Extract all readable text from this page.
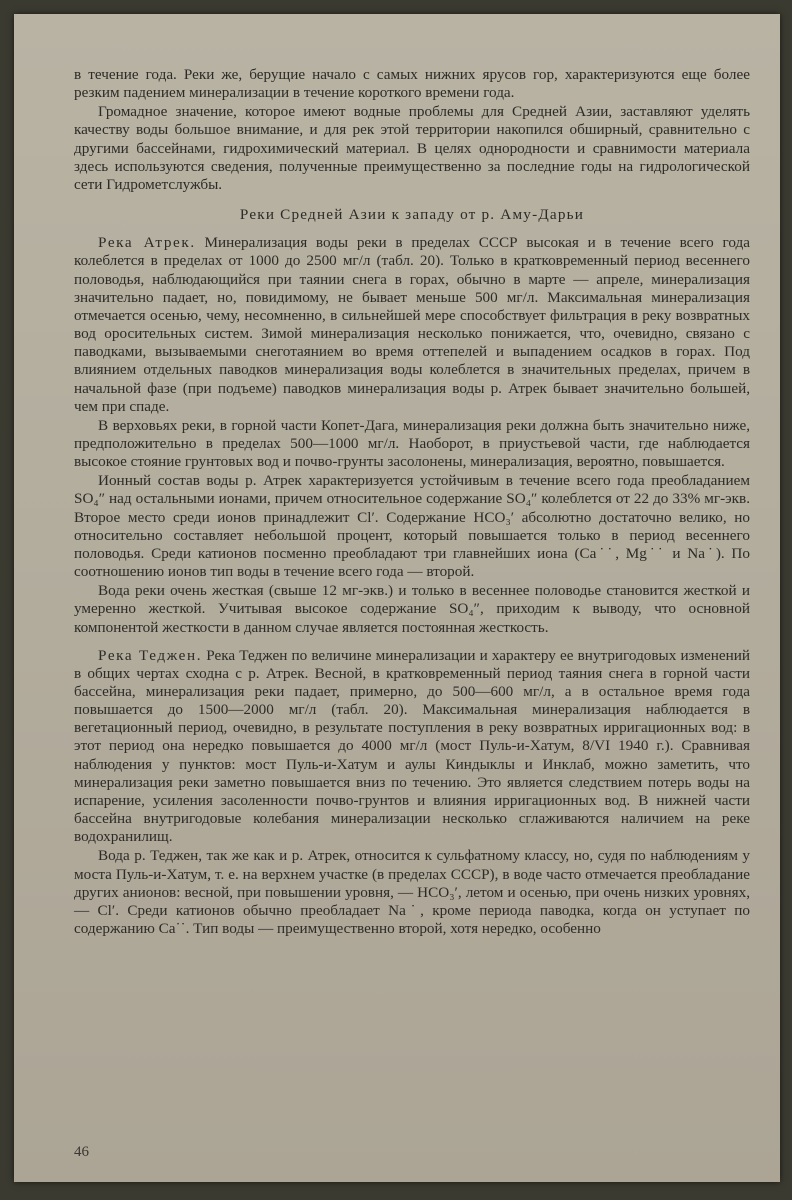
в течение года. Реки же, берущие начало с самых нижних ярусов гор, характеризуются еще более резким падением минерализации в течение короткого времени года.

Громадное значение, которое имеют водные проблемы для Средней Азии, заставляют уделять качеству воды большое внимание, и для рек этой территории накопился обширный, сравнительно с другими бассейнами, гидрохимический материал. В целях однородности и сравнимости материала здесь используются сведения, полученные преимущественно за последние годы на гидрологической сети Гидрометслужбы.

Реки Средней Азии к западу от р. Аму-Дарьи

Река Атрек. Минерализация воды реки в пределах СССР высокая и в течение всего года колеблется в пределах от 1000 до 2500 мг/л (табл. 20). Только в кратковременный период весеннего половодья, наблюдающийся при таянии снега в горах, обычно в марте — апреле, минерализация значительно падает, но, повидимому, не бывает меньше 500 мг/л. Максимальная минерализация отмечается осенью, чему, несомненно, в сильнейшей мере способствует фильтрация в реку возвратных вод оросительных систем. Зимой минерализация несколько понижается, что, очевидно, связано с паводками, вызываемыми снеготаянием во время оттепелей и выпадением осадков в горах. Под влиянием отдельных паводков минерализация воды колеблется в значительных пределах, причем в начальной фазе (при подъеме) паводков минерализация воды р. Атрек бывает значительно большей, чем при спаде.

В верховьях реки, в горной части Копет-Дага, минерализация реки должна быть значительно ниже, предположительно в пределах 500—1000 мг/л. Наоборот, в приустьевой части, где наблюдается высокое стояние грунтовых вод и почво-грунты засолонены, минерализация, вероятно, повышается.

Ионный состав воды р. Атрек характеризуется устойчивым в течение всего года преобладанием SO₄″ над остальными ионами, причем относительное содержание SO₄″ колеблется от 22 до 33% мг-экв. Второе место среди ионов принадлежит Cl′. Содержание HCO₃′ абсолютно достаточно велико, но относительно составляет небольшой процент, который повышается только в период весеннего половодья. Среди катионов посменно преобладают три главнейших иона (Ca˙˙, Mg˙˙ и Na˙). По соотношению ионов тип воды в течение всего года — второй.

Вода реки очень жесткая (свыше 12 мг-экв.) и только в весеннее половодье становится жесткой и умеренно жесткой. Учитывая высокое содержание SO₄″, приходим к выводу, что основной компонентой жесткости в данном случае является постоянная жесткость.

Река Теджен. Река Теджен по величине минерализации и характеру ее внутригодовых изменений в общих чертах сходна с р. Атрек. Весной, в кратковременный период таяния снега в горной части бассейна, минерализация реки падает, примерно, до 500—600 мг/л, а в остальное время года повышается до 1500—2000 мг/л (табл. 20). Максимальная минерализация наблюдается в вегетационный период, очевидно, в результате поступления в реку возвратных ирригационных вод: в этот период она нередко повышается до 4000 мг/л (мост Пуль-и-Хатум, 8/VI 1940 г.). Сравнивая наблюдения у пунктов: мост Пуль-и-Хатум и аулы Киндыклы и Инклаб, можно заметить, что минерализация реки заметно повышается вниз по течению. Это является следствием потерь воды на испарение, усиления засоленности почво-грунтов и влияния ирригационных вод. В нижней части бассейна внутригодовые колебания минерализации несколько сглаживаются наличием на реке водохранилищ.

Вода р. Теджен, так же как и р. Атрек, относится к сульфатному классу, но, судя по наблюдениям у моста Пуль-и-Хатум, т. е. на верхнем участке (в пределах СССР), в воде часто отмечается преобладание других анионов: весной, при повышении уровня, — HCO₃′, летом и осенью, при очень низких уровнях, — Cl′. Среди катионов обычно преобладает Na˙, кроме периода паводка, когда он уступает по содержанию Ca˙˙. Тип воды — преимущественно второй, хотя нередко, особенно

46
